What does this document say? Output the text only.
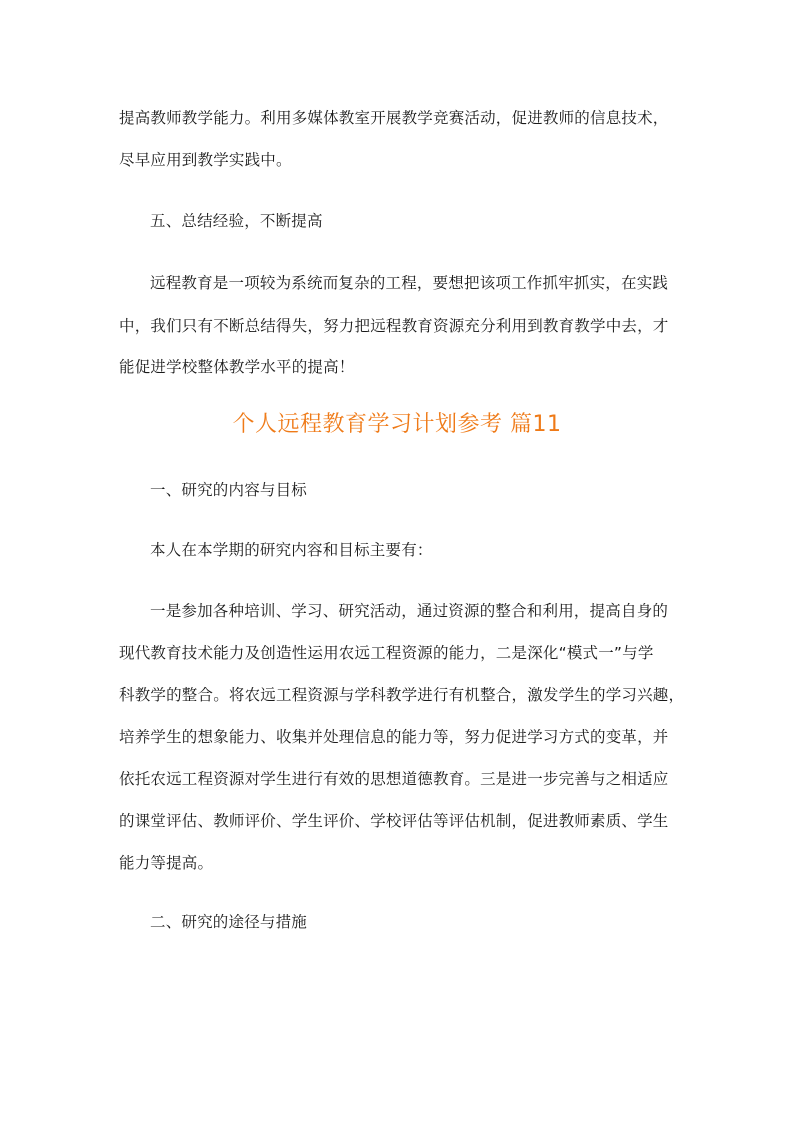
提高教师教学能力。利用多媒体教室开展教学竞赛活动，促进教师的信息技术，
尽早应用到教学实践中。
五、总结经验，不断提高
远程教育是一项较为系统而复杂的工程，要想把该项工作抓牢抓实，在实践
中，我们只有不断总结得失，努力把远程教育资源充分利用到教育教学中去，才
能促进学校整体教学水平的提高！
个人远程教育学习计划参考 篇11
一、研究的内容与目标
本人在本学期的研究内容和目标主要有：
一是参加各种培训、学习、研究活动，通过资源的整合和利用，提高自身的
现代教育技术能力及创造性运用农远工程资源的能力，二是深化“模式一”与学
科教学的整合。将农远工程资源与学科教学进行有机整合，激发学生的学习兴趣，
培养学生的想象能力、收集并处理信息的能力等，努力促进学习方式的变革，并
依托农远工程资源对学生进行有效的思想道德教育。三是进一步完善与之相适应
的课堂评估、教师评价、学生评价、学校评估等评估机制，促进教师素质、学生
能力等提高。
二、研究的途径与措施
